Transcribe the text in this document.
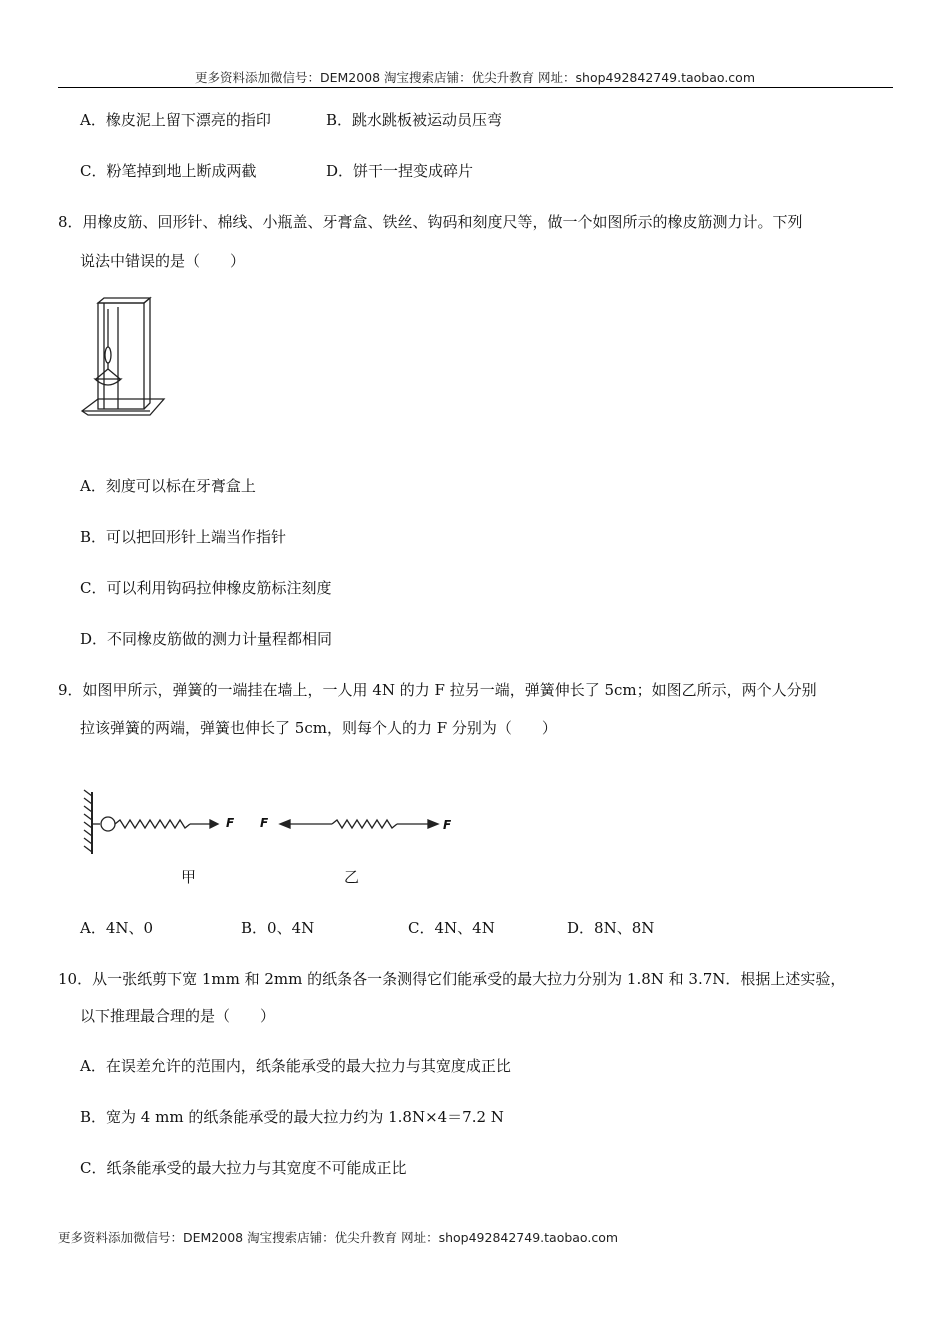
更多资料添加微信号：DEM2008 淘宝搜索店铺：优尖升教育 网址：shop492842749.taobao.com
A．橡皮泥上留下漂亮的指印	B．跳水跳板被运动员压弯
C．粉笔掉到地上断成两截	D．饼干一捏变成碎片
8．用橡皮筋、回形针、棉线、小瓶盖、牙膏盒、铁丝、钩码和刻度尺等，做一个如图所示的橡皮筋测力计。下列
说法中错误的是（　　）
A．刻度可以标在牙膏盒上
B．可以把回形针上端当作指针
C．可以利用钩码拉伸橡皮筋标注刻度
D．不同橡皮筋做的测力计量程都相同
9．如图甲所示，弹簧的一端挂在墙上，一人用 4N 的力 F 拉另一端，弹簧伸长了 5cm；如图乙所示，两个人分别
拉该弹簧的两端，弹簧也伸长了 5cm，则每个人的力 F 分别为（　　）
F F	F
甲	乙
A．4N、0	B．0、4N	C．4N、4N	D．8N、8N
10．从一张纸剪下宽 1mm 和 2mm 的纸条各一条测得它们能承受的最大拉力分别为 1.8N 和 3.7N．根据上述实验，
以下推理最合理的是（　　）
A．在误差允许的范围内，纸条能承受的最大拉力与其宽度成正比
B．宽为 4 mm 的纸条能承受的最大拉力约为 1.8N×4＝7.2 N
C．纸条能承受的最大拉力与其宽度不可能成正比
更多资料添加微信号：DEM2008 淘宝搜索店铺：优尖升教育 网址：shop492842749.taobao.com
